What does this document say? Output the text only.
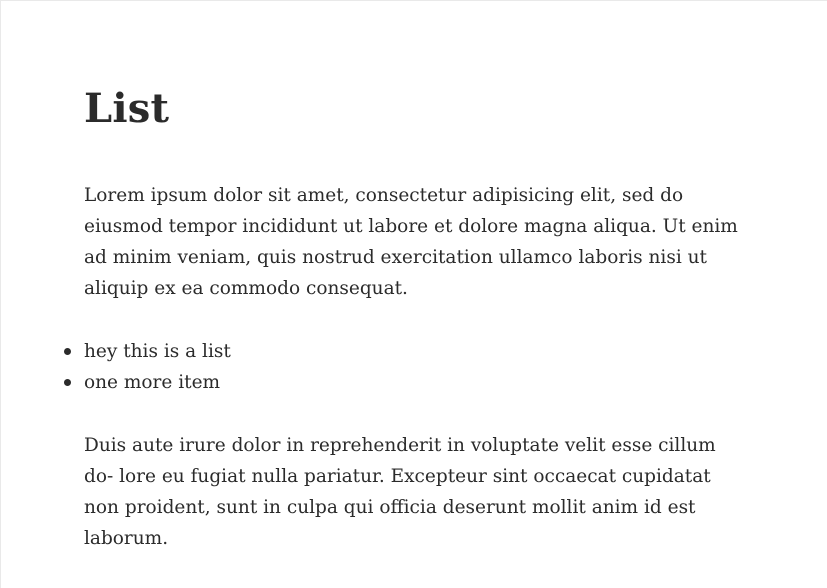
List

Lorem ipsum dolor sit amet, consectetur adipisicing elit, sed do eiusmod tempor incididunt ut labore et dolore magna aliqua. Ut enim ad minim veniam, quis nostrud exercitation ullamco laboris nisi ut aliquip ex ea commodo consequat.

hey this is a list
one more item

Duis aute irure dolor in reprehenderit in voluptate velit esse cillum do- lore eu fugiat nulla pariatur. Excepteur sint occaecat cupidatat non proident, sunt in culpa qui officia deserunt mollit anim id est laborum.
